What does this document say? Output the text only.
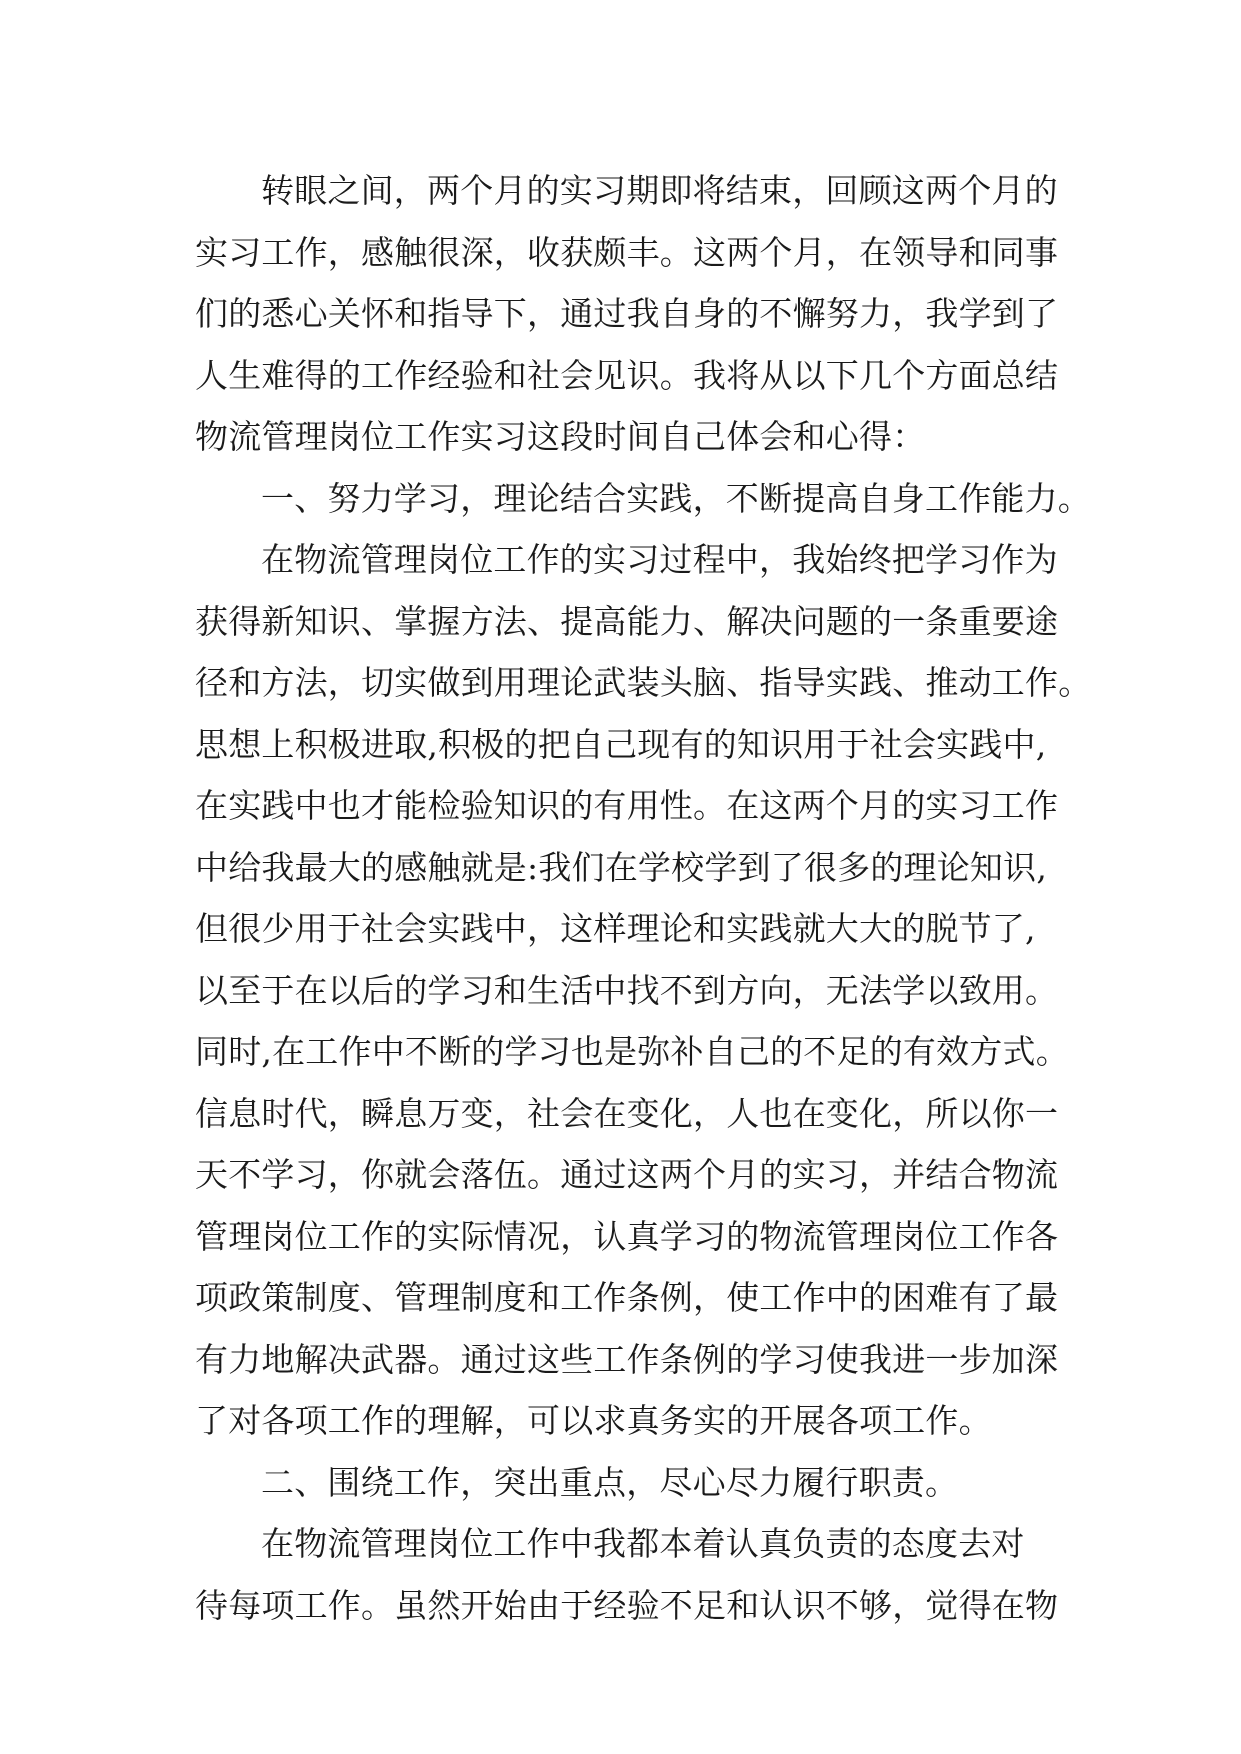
转眼之间，两个月的实习期即将结束，回顾这两个月的
实习工作，感触很深，收获颇丰。这两个月，在领导和同事
们的悉心关怀和指导下，通过我自身的不懈努力，我学到了
人生难得的工作经验和社会见识。我将从以下几个方面总结
物流管理岗位工作实习这段时间自己体会和心得：
一、努力学习，理论结合实践，不断提高自身工作能力。
在物流管理岗位工作的实习过程中，我始终把学习作为
获得新知识、掌握方法、提高能力、解决问题的一条重要途
径和方法，切实做到用理论武装头脑、指导实践、推动工作。
思想上积极进取,积极的把自己现有的知识用于社会实践中,
在实践中也才能检验知识的有用性。在这两个月的实习工作
中给我最大的感触就是:我们在学校学到了很多的理论知识,
但很少用于社会实践中，这样理论和实践就大大的脱节了,
以至于在以后的学习和生活中找不到方向，无法学以致用。
同时,在工作中不断的学习也是弥补自己的不足的有效方式。
信息时代，瞬息万变，社会在变化，人也在变化，所以你一
天不学习，你就会落伍。通过这两个月的实习，并结合物流
管理岗位工作的实际情况，认真学习的物流管理岗位工作各
项政策制度、管理制度和工作条例，使工作中的困难有了最
有力地解决武器。通过这些工作条例的学习使我进一步加深
了对各项工作的理解，可以求真务实的开展各项工作。
二、围绕工作，突出重点，尽心尽力履行职责。
在物流管理岗位工作中我都本着认真负责的态度去对
待每项工作。虽然开始由于经验不足和认识不够，觉得在物
